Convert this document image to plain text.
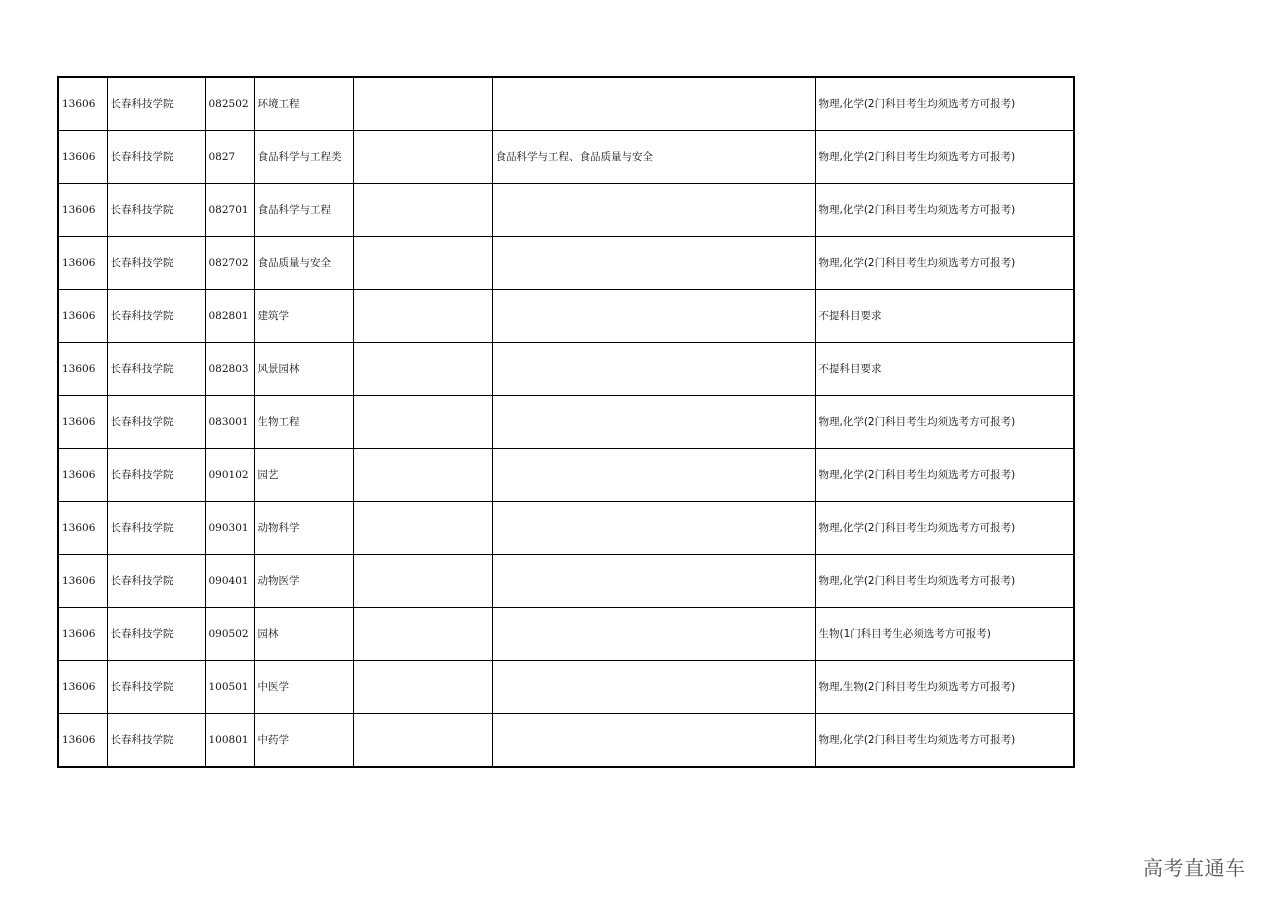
13606	长春科技学院	082502	环境工程			物理,化学(2门科目考生均须选考方可报考)
13606	长春科技学院	0827	食品科学与工程类		食品科学与工程、食品质量与安全	物理,化学(2门科目考生均须选考方可报考)
13606	长春科技学院	082701	食品科学与工程			物理,化学(2门科目考生均须选考方可报考)
13606	长春科技学院	082702	食品质量与安全			物理,化学(2门科目考生均须选考方可报考)
13606	长春科技学院	082801	建筑学			不提科目要求
13606	长春科技学院	082803	风景园林			不提科目要求
13606	长春科技学院	083001	生物工程			物理,化学(2门科目考生均须选考方可报考)
13606	长春科技学院	090102	园艺			物理,化学(2门科目考生均须选考方可报考)
13606	长春科技学院	090301	动物科学			物理,化学(2门科目考生均须选考方可报考)
13606	长春科技学院	090401	动物医学			物理,化学(2门科目考生均须选考方可报考)
13606	长春科技学院	090502	园林			生物(1门科目考生必须选考方可报考)
13606	长春科技学院	100501	中医学			物理,生物(2门科目考生均须选考方可报考)
13606	长春科技学院	100801	中药学			物理,化学(2门科目考生均须选考方可报考)
高考直通车
